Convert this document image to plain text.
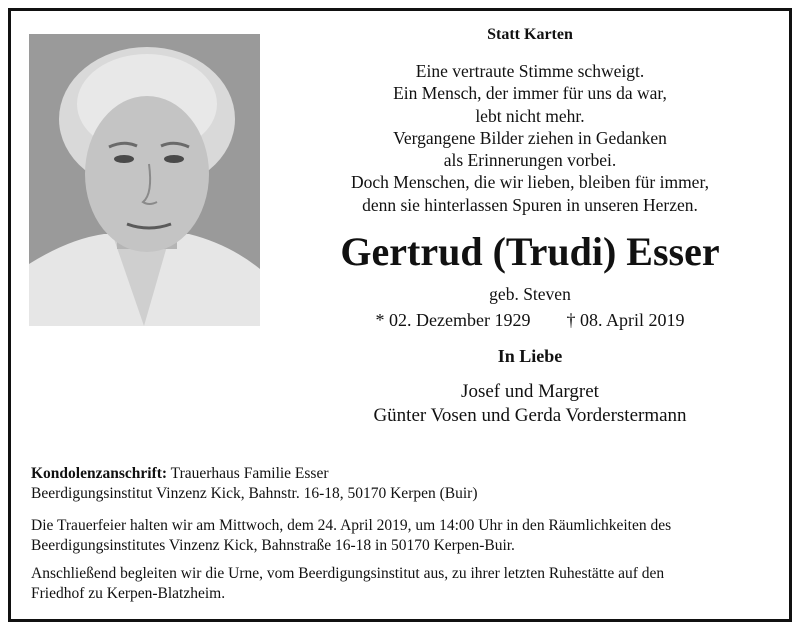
Statt Karten
Eine vertraute Stimme schweigt.
Ein Mensch, der immer für uns da war,
lebt nicht mehr.
Vergangene Bilder ziehen in Gedanken
als Erinnerungen vorbei.
Doch Menschen, die wir lieben, bleiben für immer,
denn sie hinterlassen Spuren in unseren Herzen.
Gertrud (Trudi) Esser
geb. Steven
* 02. Dezember 1929 † 08. April 2019
In Liebe
Josef und Margret
Günter Vosen und Gerda Vorderstermann
Kondolenzanschrift: Trauerhaus Familie Esser
Beerdigungsinstitut Vinzenz Kick, Bahnstr. 16-18, 50170 Kerpen (Buir)
Die Trauerfeier halten wir am Mittwoch, dem 24. April 2019, um 14:00 Uhr in den Räumlichkeiten des
Beerdigungsinstitutes Vinzenz Kick, Bahnstraße 16-18 in 50170 Kerpen-Buir.
Anschließend begleiten wir die Urne, vom Beerdigungsinstitut aus, zu ihrer letzten Ruhestätte auf den
Friedhof zu Kerpen-Blatzheim.
